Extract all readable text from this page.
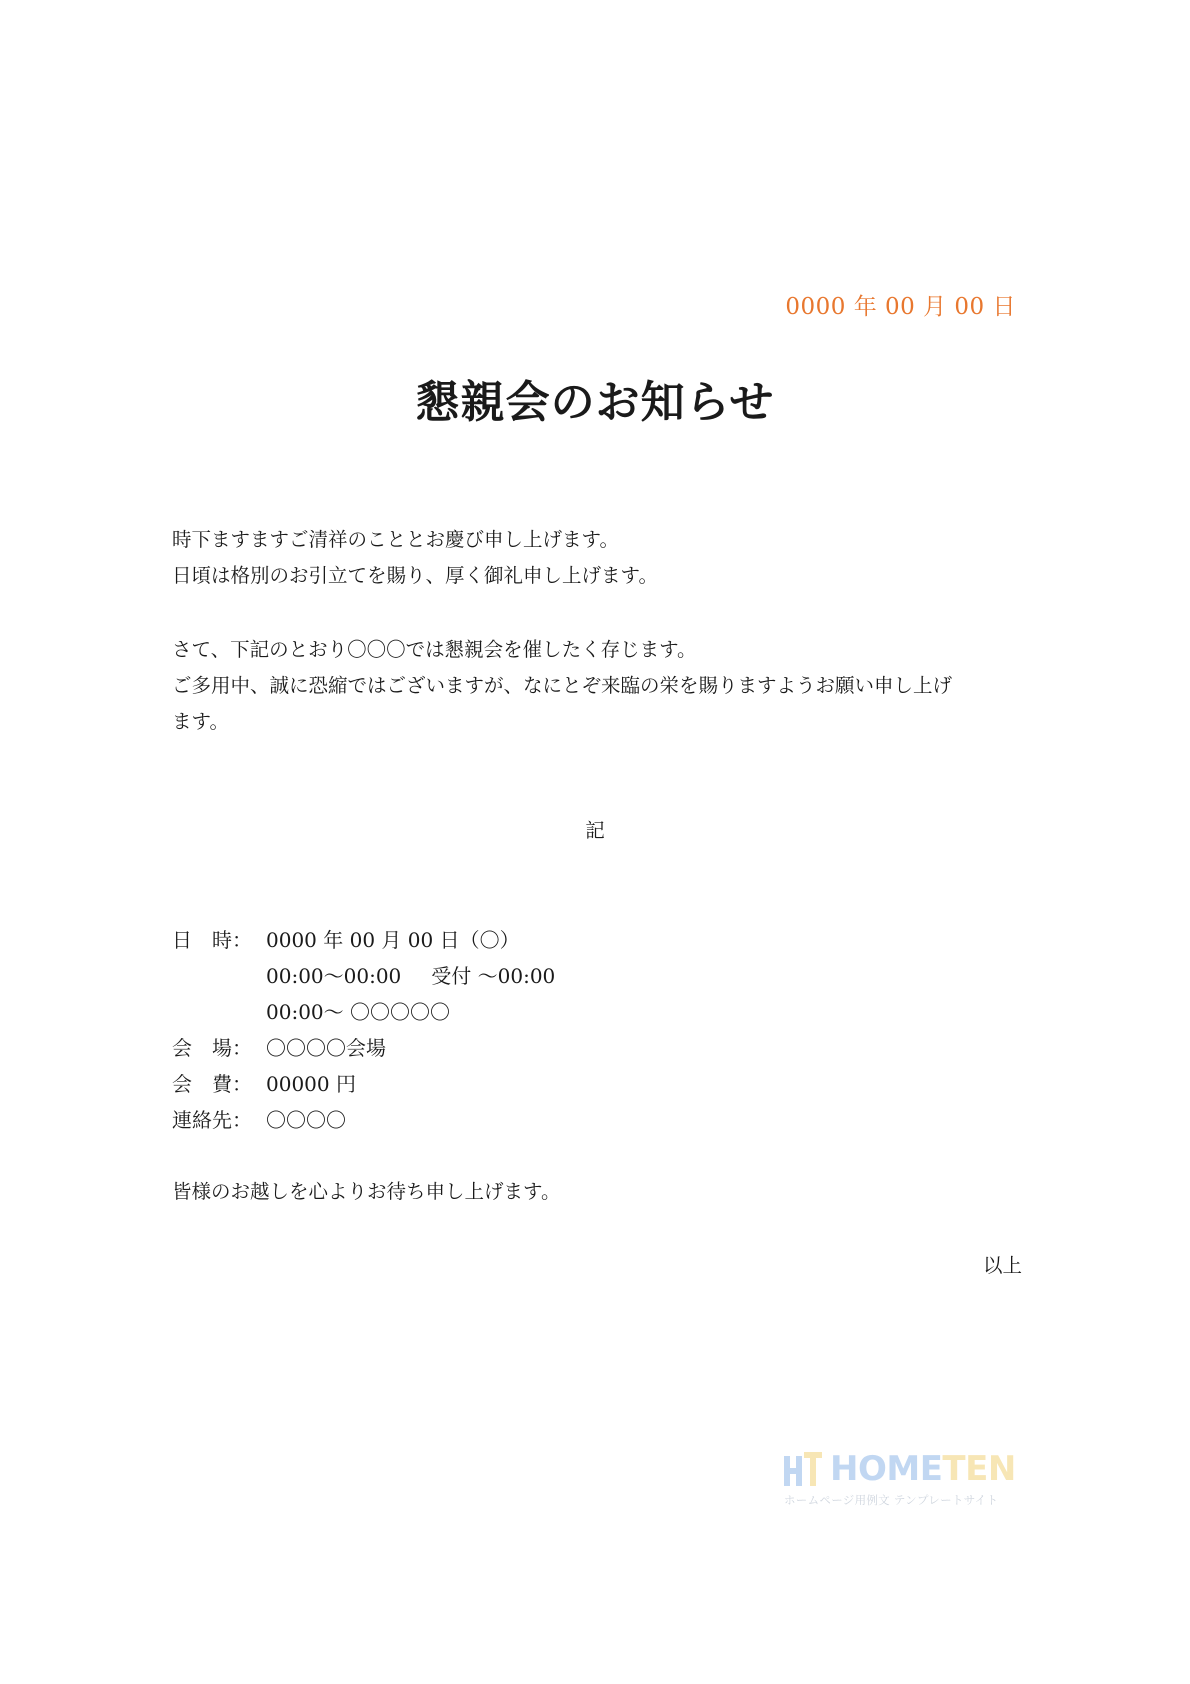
0000 年 00 月 00 日
懇親会のお知らせ
時下ますますご清祥のこととお慶び申し上げます。
日頃は格別のお引立てを賜り、厚く御礼申し上げます。
さて、下記のとおり〇〇〇では懇親会を催したく存じます。
ご多用中、誠に恐縮ではございますが、なにとぞ来臨の栄を賜りますようお願い申し上げ
ます。
記
日　時： 0000 年 00 月 00 日（〇）
00:00～00:00 受付 ～00:00
00:00～ 〇〇〇〇〇
会　場： 〇〇〇〇会場
会　費： 00000 円
連絡先： 〇〇〇〇
皆様のお越しを心よりお待ち申し上げます。
以上
HOMETEN
ホームページ用例文 テンプレートサイト
